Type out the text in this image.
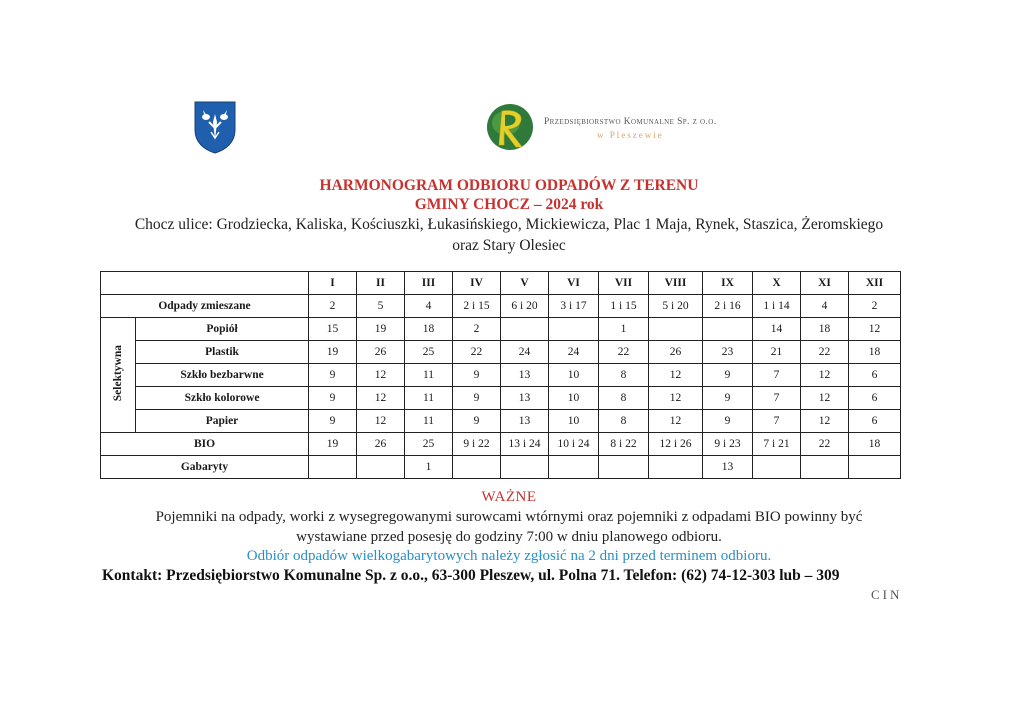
Przedsiębiorstwo Komunalne Sp. z o.o.
w Pleszewie
HARMONOGRAM ODBIORU ODPADÓW Z TERENU
GMINY CHOCZ – 2024 rok
Chocz ulice: Grodziecka, Kaliska, Kościuszki, Łukasińskiego, Mickiewicza, Plac 1 Maja, Rynek, Staszica, Żeromskiego
oraz Stary Olesiec
		I	II	III	IV	V	VI	VII	VIII	IX	X	XI	XII
Odpady zmieszane		2	5	4	2 i 15	6 i 20	3 i 17	1 i 15	5 i 20	2 i 16	1 i 14	4	2
Selektywna	Popiół	15	19	18	2			1			14	18	12
	Plastik	19	26	25	22	24	24	22	26	23	21	22	18
	Szkło bezbarwne	9	12	11	9	13	10	8	12	9	7	12	6
	Szkło kolorowe	9	12	11	9	13	10	8	12	9	7	12	6
	Papier	9	12	11	9	13	10	8	12	9	7	12	6
BIO		19	26	25	9 i 22	13 i 24	10 i 24	8 i 22	12 i 26	9 i 23	7 i 21	22	18
Gabaryty				1						13			
WAŻNE
Pojemniki na odpady, worki z wysegregowanymi surowcami wtórnymi oraz pojemniki z odpadami BIO powinny być
wystawiane przed posesję do godziny 7:00 w dniu planowego odbioru.
Odbiór odpadów wielkogabarytowych należy zgłosić na 2 dni przed terminem odbioru.
Kontakt: Przedsiębiorstwo Komunalne Sp. z o.o., 63-300 Pleszew, ul. Polna 71. Telefon: (62) 74-12-303 lub – 309
CIN
